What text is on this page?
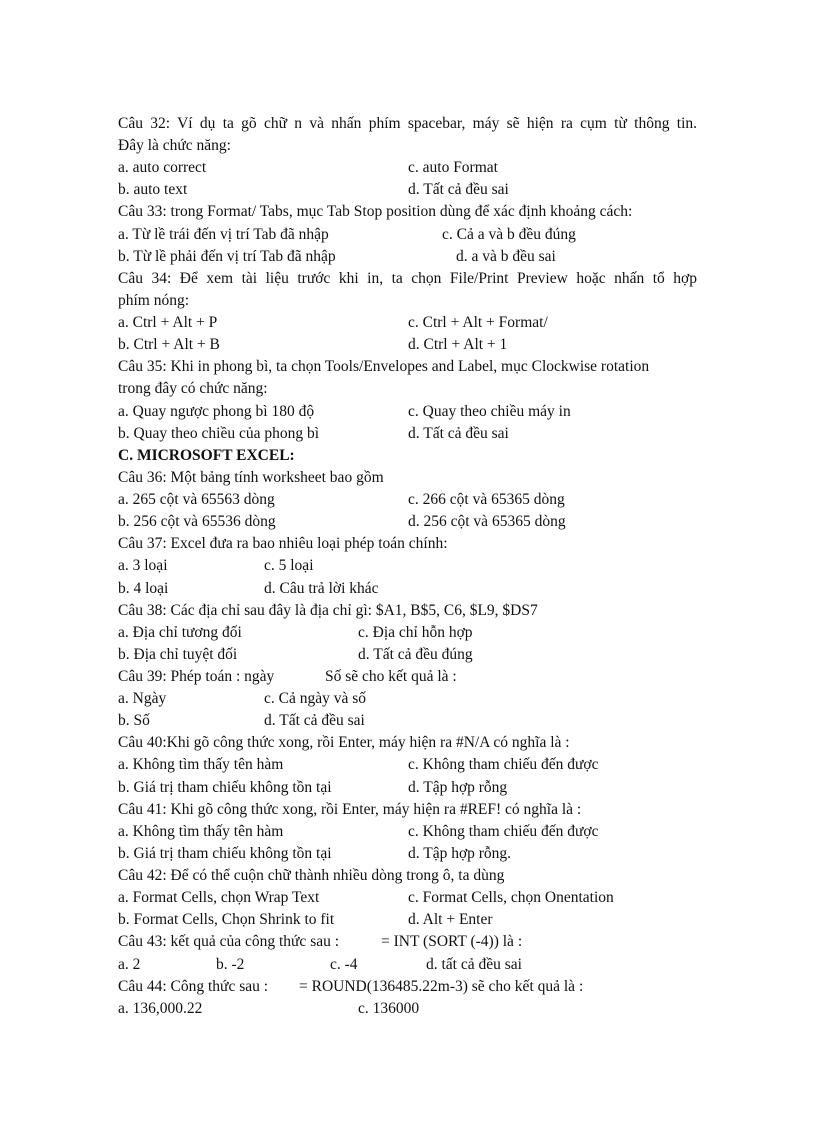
Câu 32: Ví dụ ta gõ chữ n và nhấn phím spacebar, máy sẽ hiện ra cụm từ thông tin.
Đây là chức năng:
a. auto correct	c. auto Format
b. auto text	d. Tất cả đều sai
Câu 33: trong Format/ Tabs, mục Tab Stop position dùng để xác định khoảng cách:
a. Từ lề trái đến vị trí Tab đã nhập	c. Cả a và b đều đúng
b. Từ lề phải đến vị trí Tab đã nhập	d. a và b đều sai
Câu 34: Để xem tài liệu trước khi in, ta chọn File/Print Preview hoặc nhấn tổ hợp
phím nóng:
a. Ctrl + Alt + P	c. Ctrl + Alt + Format/
b. Ctrl + Alt + B	d. Ctrl + Alt + 1
Câu 35: Khi in phong bì, ta chọn Tools/Envelopes and Label, mục Clockwise rotation
trong đây có chức năng:
a. Quay ngược phong bì 180 độ	c. Quay theo chiều máy in
b. Quay theo chiều của phong bì	d. Tất cả đều sai
C. MICROSOFT EXCEL:
Câu 36: Một bảng tính worksheet bao gồm
a. 265 cột và 65563 dòng	c. 266 cột và 65365 dòng
b. 256 cột và 65536 dòng	d. 256 cột và 65365 dòng
Câu 37: Excel đưa ra bao nhiêu loại phép toán chính:
a. 3 loại	c. 5 loại
b. 4 loại	d. Câu trả lời khác
Câu 38: Các địa chỉ sau đây là địa chỉ gì: $A1, B$5, C6, $L9, $DS7
a. Địa chỉ tương đối	c. Địa chỉ hỗn hợp
b. Địa chỉ tuyệt đối	d. Tất cả đều đúng
Câu 39: Phép toán : ngày	Số sẽ cho kết quả là :
a. Ngày	c. Cả ngày và số
b. Số	d. Tất cả đều sai
Câu 40:Khi gõ công thức xong, rồi Enter, máy hiện ra #N/A có nghĩa là :
a. Không tìm thấy tên hàm	c. Không tham chiếu đến được
b. Giá trị tham chiếu không tồn tại	d. Tập hợp rỗng
Câu 41: Khi gõ công thức xong, rồi Enter, máy hiện ra #REF! có nghĩa là :
a. Không tìm thấy tên hàm	c. Không tham chiếu đến được
b. Giá trị tham chiếu không tồn tại	d. Tập hợp rỗng.
Câu 42: Để có thể cuộn chữ thành nhiều dòng trong ô, ta dùng
a. Format Cells, chọn Wrap Text	c. Format Cells, chọn Onentation
b. Format Cells, Chọn Shrink to fit	d. Alt + Enter
Câu 43: kết quả của công thức sau :	= INT (SORT (-4)) là :
a. 2	b. -2	c. -4	d. tất cả đều sai
Câu 44: Công thức sau : = ROUND(136485.22m-3) sẽ cho kết quả là :
a. 136,000.22	c. 136000
